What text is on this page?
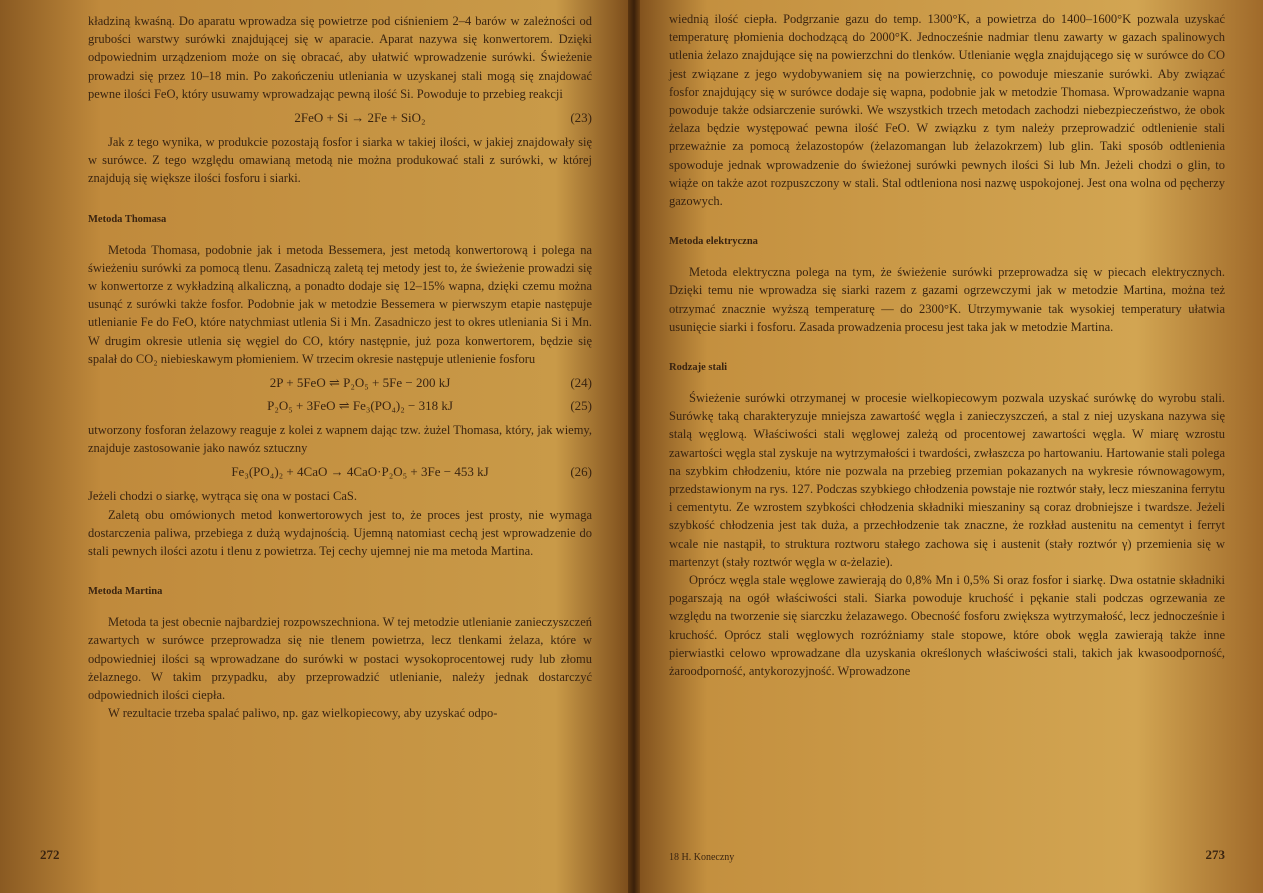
kładziną kwaśną. Do aparatu wprowadza się powietrze pod ciśnieniem 2–4 barów w zależności od grubości warstwy surówki znajdującej się w aparacie. Aparat nazywa się konwertorem. Dzięki odpowiednim urządzeniom może on się obracać, aby ułatwić wprowadzenie surówki. Świeżenie prowadzi się przez 10–18 min. Po zakończeniu utleniania w uzyskanej stali mogą się znajdować pewne ilości FeO, który usuwamy wprowadzając pewną ilość Si. Powoduje to przebieg reakcji

2FeO + Si → 2Fe + SiO₂	(23)

Jak z tego wynika, w produkcie pozostają fosfor i siarka w takiej ilości, w jakiej znajdowały się w surówce. Z tego względu omawianą metodą nie można produkować stali z surówki, w której znajdują się większe ilości fosforu i siarki.

Metoda Thomasa

Metoda Thomasa, podobnie jak i metoda Bessemera, jest metodą konwertorową i polega na świeżeniu surówki za pomocą tlenu. Zasadniczą zaletą tej metody jest to, że świeżenie prowadzi się w konwertorze z wykładziną alkaliczną, a ponadto dodaje się 12–15% wapna, dzięki czemu można usunąć z surówki także fosfor. Podobnie jak w metodzie Bessemera w pierwszym etapie następuje utlenianie Fe do FeO, które natychmiast utlenia Si i Mn. Zasadniczo jest to okres utleniania Si i Mn. W drugim okresie utlenia się węgiel do CO, który następnie, już poza konwertorem, będzie się spalał do CO₂ niebieskawym płomieniem. W trzecim okresie następuje utlenienie fosforu

2P + 5FeO ⇌ P₂O₅ + 5Fe − 200 kJ	(24)
P₂O₅ + 3FeO ⇌ Fe₃(PO₄)₂ − 318 kJ	(25)

utworzony fosforan żelazowy reaguje z kolei z wapnem dając tzw. żużel Thomasa, który, jak wiemy, znajduje zastosowanie jako nawóz sztuczny

Fe₃(PO₄)₂ + 4CaO → 4CaO·P₂O₅ + 3Fe − 453 kJ	(26)

Jeżeli chodzi o siarkę, wytrąca się ona w postaci CaS.

Zaletą obu omówionych metod konwertorowych jest to, że proces jest prosty, nie wymaga dostarczenia paliwa, przebiega z dużą wydajnością. Ujemną natomiast cechą jest wprowadzenie do stali pewnych ilości azotu i tlenu z powietrza. Tej cechy ujemnej nie ma metoda Martina.

Metoda Martina

Metoda ta jest obecnie najbardziej rozpowszechniona. W tej metodzie utlenianie zanieczyszczeń zawartych w surówce przeprowadza się nie tlenem powietrza, lecz tlenkami żelaza, które w odpowiedniej ilości są wprowadzane do surówki w postaci wysokoprocentowej rudy lub złomu żelaznego. W takim przypadku, aby przeprowadzić utlenianie, należy jednak dostarczyć odpowiednich ilości ciepła.

W rezultacie trzeba spalać paliwo, np. gaz wielkopiecowy, aby uzyskać odpo-

272

wiednią ilość ciepła. Podgrzanie gazu do temp. 1300°K, a powietrza do 1400–1600°K pozwala uzyskać temperaturę płomienia dochodzącą do 2000°K. Jednocześnie nadmiar tlenu zawarty w gazach spalinowych utlenia żelazo znajdujące się na powierzchni do tlenków. Utlenianie węgla znajdującego się w surówce do CO jest związane z jego wydobywaniem się na powierzchnię, co powoduje mieszanie surówki. Aby związać fosfor znajdujący się w surówce dodaje się wapna, podobnie jak w metodzie Thomasa. Wprowadzanie wapna powoduje także odsiarczenie surówki. We wszystkich trzech metodach zachodzi niebezpieczeństwo, że obok żelaza będzie występować pewna ilość FeO. W związku z tym należy przeprowadzić odtlenienie stali przeważnie za pomocą żelazostopów (żelazomangan lub żelazokrzem) lub glin. Taki sposób odtlenienia spowoduje jednak wprowadzenie do świeżonej surówki pewnych ilości Si lub Mn. Jeżeli chodzi o glin, to wiąże on także azot rozpuszczony w stali. Stal odtleniona nosi nazwę uspokojonej. Jest ona wolna od pęcherzy gazowych.

Metoda elektryczna

Metoda elektryczna polega na tym, że świeżenie surówki przeprowadza się w piecach elektrycznych. Dzięki temu nie wprowadza się siarki razem z gazami ogrzewczymi jak w metodzie Martina, można też otrzymać znacznie wyższą temperaturę — do 2300°K. Utrzymywanie tak wysokiej temperatury ułatwia usunięcie siarki i fosforu. Zasada prowadzenia procesu jest taka jak w metodzie Martina.

Rodzaje stali

Świeżenie surówki otrzymanej w procesie wielkopiecowym pozwala uzyskać surówkę do wyrobu stali. Surówkę taką charakteryzuje mniejsza zawartość węgla i zanieczyszczeń, a stal z niej uzyskana nazywa się stalą węglową. Właściwości stali węglowej zależą od procentowej zawartości węgla. W miarę wzrostu zawartości węgla stal zyskuje na wytrzymałości i twardości, zwłaszcza po hartowaniu. Hartowanie stali polega na szybkim chłodzeniu, które nie pozwala na przebieg przemian pokazanych na wykresie równowagowym, przedstawionym na rys. 127. Podczas szybkiego chłodzenia powstaje nie roztwór stały, lecz mieszanina ferrytu i cementytu. Ze wzrostem szybkości chłodzenia składniki mieszaniny są coraz drobniejsze i twardsze. Jeżeli szybkość chłodzenia jest tak duża, a przechłodzenie tak znaczne, że rozkład austenitu na cementyt i ferryt wcale nie nastąpił, to struktura roztworu stałego zachowa się i austenit (stały roztwór γ) przemienia się w martenzyt (stały roztwór węgla w α-żelazie).

Oprócz węgla stale węglowe zawierają do 0,8% Mn i 0,5% Si oraz fosfor i siarkę. Dwa ostatnie składniki pogarszają na ogół właściwości stali. Siarka powoduje kruchość i pękanie stali podczas ogrzewania ze względu na tworzenie się siarczku żelazawego. Obecność fosforu zwiększa wytrzymałość, lecz jednocześnie i kruchość. Oprócz stali węglowych rozróżniamy stale stopowe, które obok węgla zawierają także inne pierwiastki celowo wprowadzane dla uzyskania określonych właściwości stali, takich jak kwasoodporność, żaroodporność, antykorozyjność. Wprowadzone

18 H. Koneczny	273
